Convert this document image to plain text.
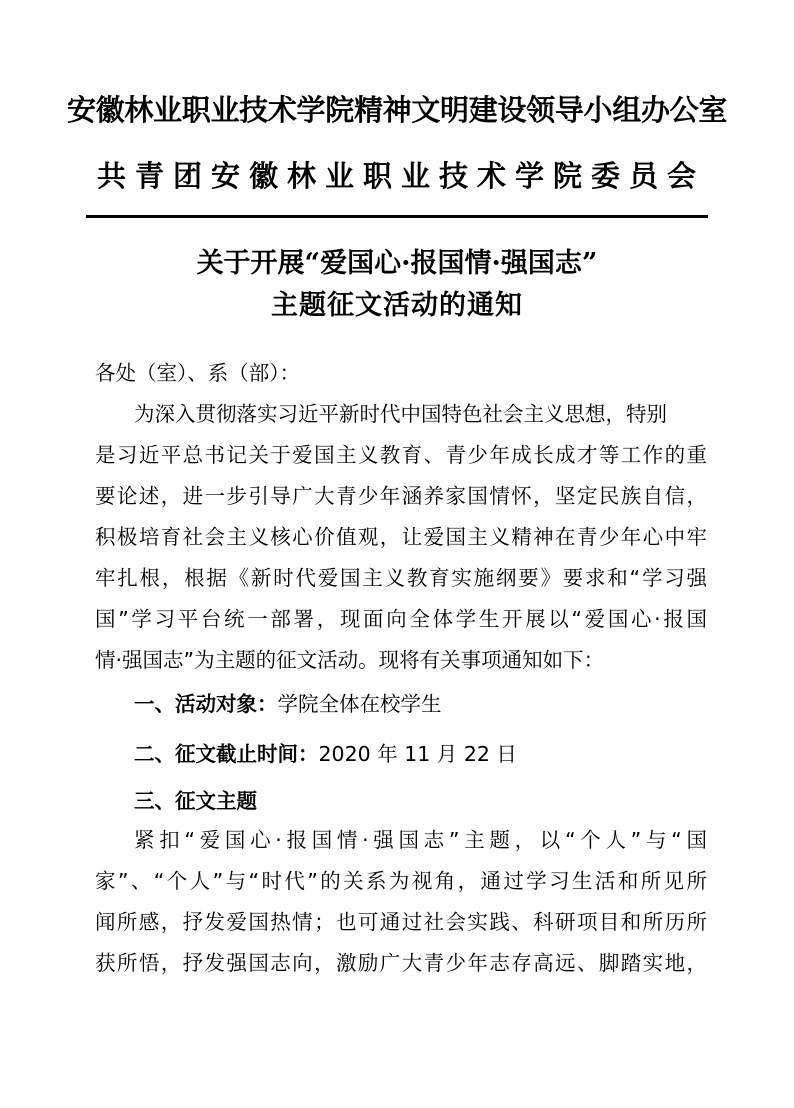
安徽林业职业技术学院精神文明建设领导小组办公室
共青团安徽林业职业技术学院委员会
关于开展“爱国心·报国情·强国志”
主题征文活动的通知
各处（室）、系（部）：
为深入贯彻落实习近平新时代中国特色社会主义思想，特别
是习近平总书记关于爱国主义教育、青少年成长成才等工作的重
要论述，进一步引导广大青少年涵养家国情怀，坚定民族自信，
积极培育社会主义核心价值观，让爱国主义精神在青少年心中牢
牢扎根，根据《新时代爱国主义教育实施纲要》要求和“学习强
国”学习平台统一部署，现面向全体学生开展以“爱国心·报国
情·强国志”为主题的征文活动。现将有关事项通知如下：
一、活动对象：学院全体在校学生
二、征文截止时间：2020 年 11 月 22 日
三、征文主题
紧扣“爱国心·报国情·强国志”主题，以“个人”与“国
家”、“个人”与“时代”的关系为视角，通过学习生活和所见所
闻所感，抒发爱国热情；也可通过社会实践、科研项目和所历所
获所悟，抒发强国志向，激励广大青少年志存高远、脚踏实地，
